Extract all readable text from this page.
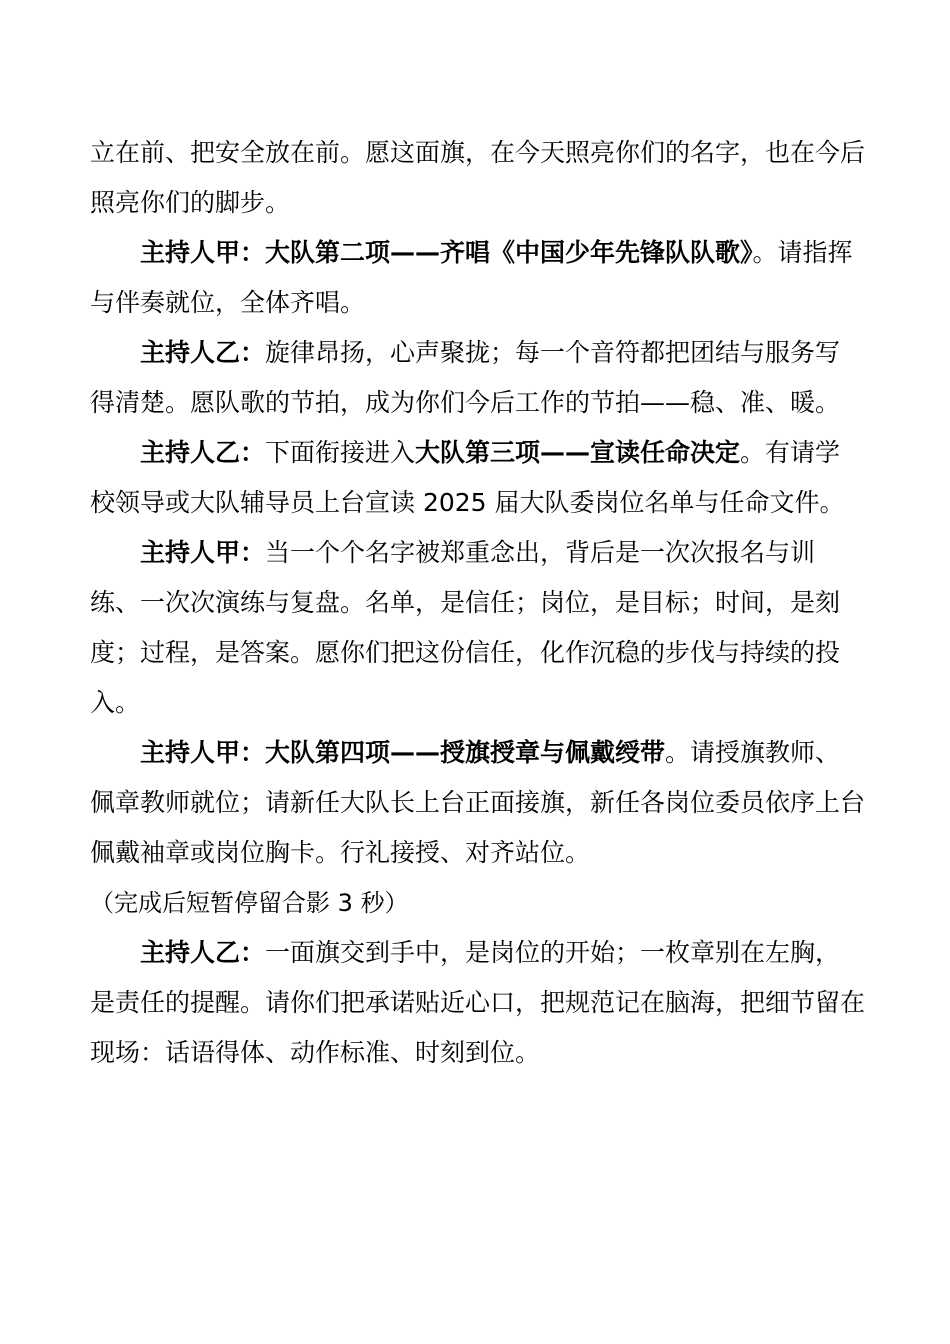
立在前、把安全放在前。愿这面旗，在今天照亮你们的名字，也在今后照亮你们的脚步。

主持人甲：大队第二项——齐唱《中国少年先锋队队歌》。请指挥与伴奏就位，全体齐唱。

主持人乙：旋律昂扬，心声聚拢；每一个音符都把团结与服务写得清楚。愿队歌的节拍，成为你们今后工作的节拍——稳、准、暖。

主持人乙：下面衔接进入大队第三项——宣读任命决定。有请学校领导或大队辅导员上台宣读 2025 届大队委岗位名单与任命文件。

主持人甲：当一个个名字被郑重念出，背后是一次次报名与训练、一次次演练与复盘。名单，是信任；岗位，是目标；时间，是刻度；过程，是答案。愿你们把这份信任，化作沉稳的步伐与持续的投入。

主持人甲：大队第四项——授旗授章与佩戴绶带。请授旗教师、佩章教师就位；请新任大队长上台正面接旗，新任各岗位委员依序上台佩戴袖章或岗位胸卡。行礼接授、对齐站位。

（完成后短暂停留合影 3 秒）

主持人乙：一面旗交到手中，是岗位的开始；一枚章别在左胸，是责任的提醒。请你们把承诺贴近心口，把规范记在脑海，把细节留在现场：话语得体、动作标准、时刻到位。
